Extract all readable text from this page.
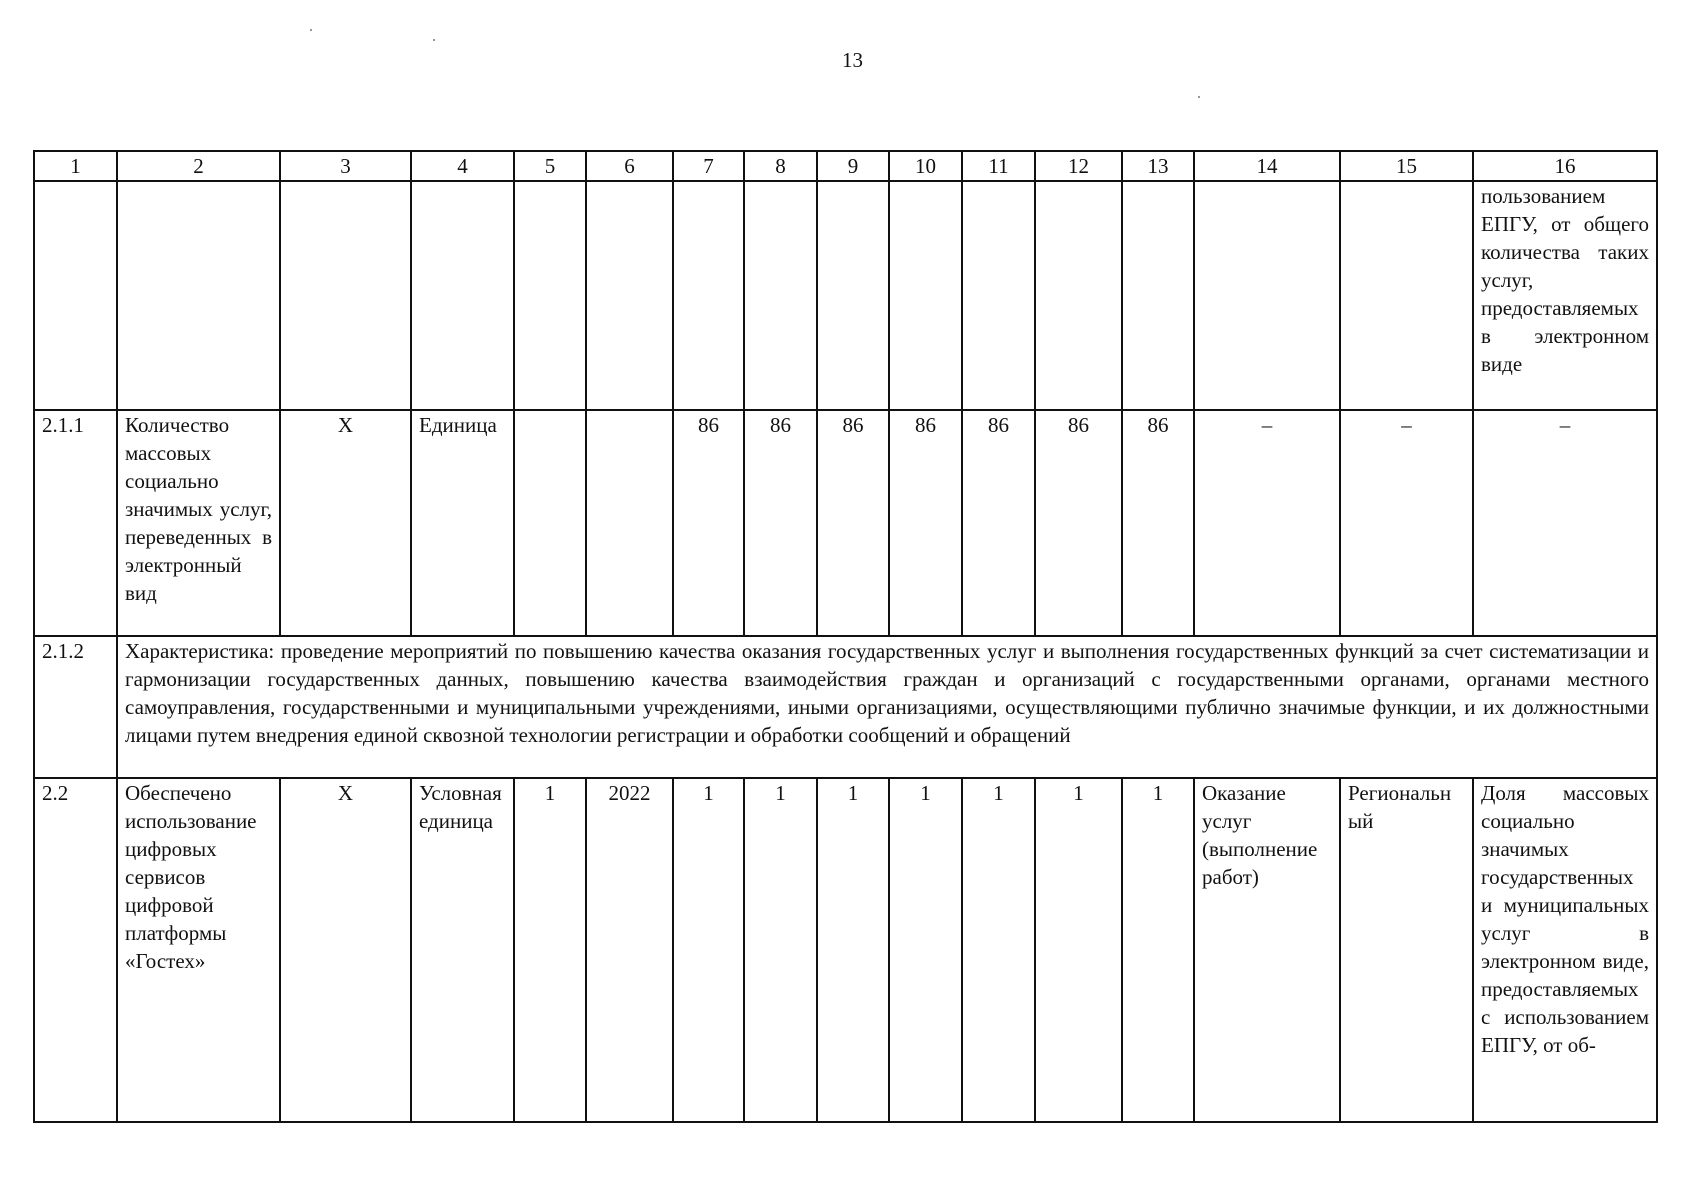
13
1	2	3	4	5	6	7	8	9	10	11	12	13	14	15	16
															пользованием ЕПГУ, от общего количества таких услуг, предоставляемых в электронном виде
2.1.1	Количество массовых социально значимых услуг, переведенных в электронный вид	X	Единица			86	86	86	86	86	86	86	–	–	–
2.1.2	Характеристика: проведение мероприятий по повышению качества оказания государственных услуг и выполнения государственных функций за счет систематизации и гармонизации государственных данных, повышению качества взаимодействия граждан и организаций с государственными органами, органами местного самоуправления, государственными и муниципальными учреждениями, иными организациями, осуществляющими публично значимые функции, и их должностными лицами путем внедрения единой сквозной технологии регистрации и обработки сообщений и обращений														
2.2	Обеспечено использование цифровых сервисов цифровой платформы «Гостех»	X	Условная единица	1	2022	1	1	1	1	1	1	1	Оказание услуг (выполнение работ)	Региональный	Доля массовых социально значимых государственных и муниципальных услуг в электронном виде, предоставляемых с использованием ЕПГУ, от об-
